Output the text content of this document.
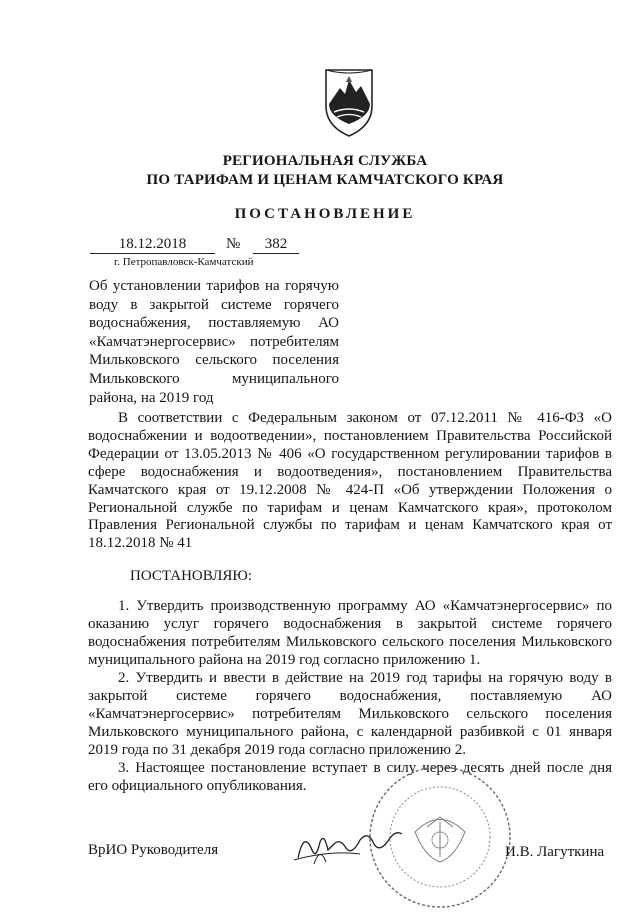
РЕГИОНАЛЬНАЯ СЛУЖБА
ПО ТАРИФАМ И ЦЕНАМ КАМЧАТСКОГО КРАЯ
ПОСТАНОВЛЕНИЕ
18.12.2018	№	382
г. Петропавловск-Камчатский
Об установлении тарифов на горячую воду в закрытой системе горячего водоснабжения, поставляемую АО «Камчатэнергосервис» потребителям Мильковского сельского поселения Мильковского муниципального района, на 2019 год
В соответствии с Федеральным законом от 07.12.2011 № 416-ФЗ «О водоснабжении и водоотведении», постановлением Правительства Российской Федерации от 13.05.2013 № 406 «О государственном регулировании тарифов в сфере водоснабжения и водоотведения», постановлением Правительства Камчатского края от 19.12.2008 № 424-П «Об утверждении Положения о Региональной службе по тарифам и ценам Камчатского края», протоколом Правления Региональной службы по тарифам и ценам Камчатского края от 18.12.2018 № 41
ПОСТАНОВЛЯЮ:
1. Утвердить производственную программу АО «Камчатэнергосервис» по оказанию услуг горячего водоснабжения в закрытой системе горячего водоснабжения потребителям Мильковского сельского поселения Мильковского муниципального района на 2019 год согласно приложению 1.
2. Утвердить и ввести в действие на 2019 год тарифы на горячую воду в закрытой системе горячего водоснабжения, поставляемую АО «Камчатэнергосервис» потребителям Мильковского сельского поселения Мильковского муниципального района, с календарной разбивкой с 01 января 2019 года по 31 декабря 2019 года согласно приложению 2.
3. Настоящее постановление вступает в силу через десять дней после дня его официального опубликования.
ВрИО Руководителя	И.В. Лагуткина
